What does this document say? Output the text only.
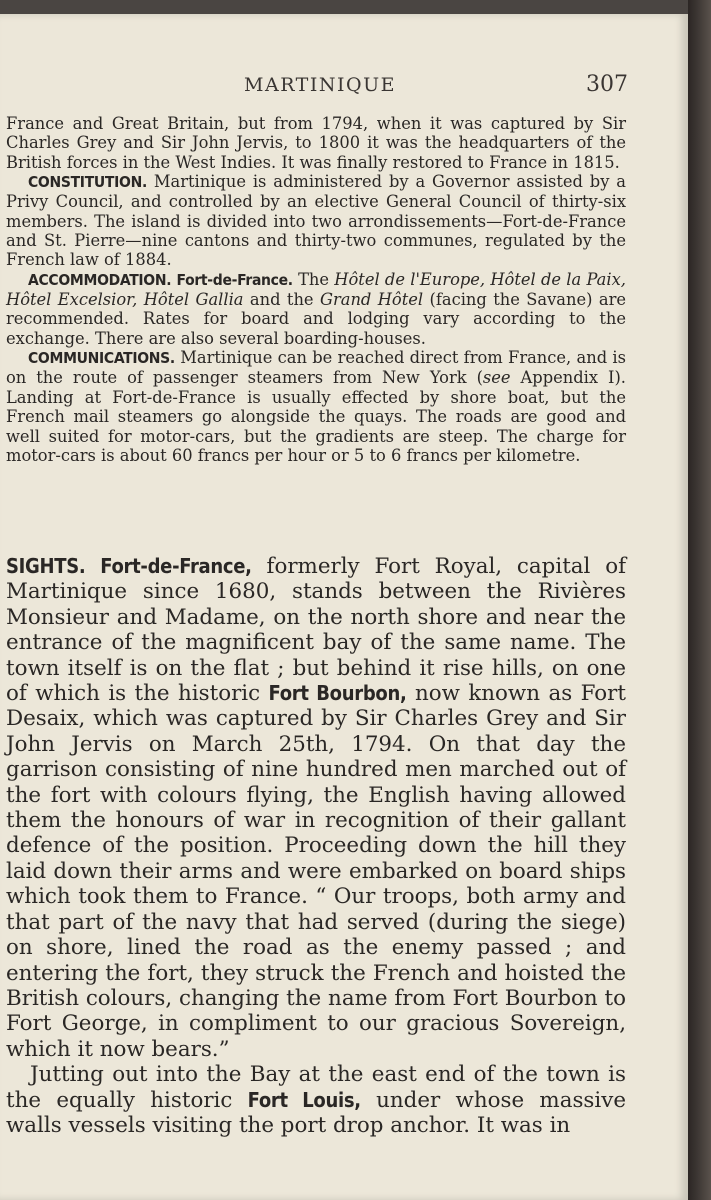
MARTINIQUE	307

France and Great Britain, but from 1794, when it was captured by Sir Charles Grey and Sir John Jervis, to 1800 it was the headquarters of the British forces in the West Indies. It was finally restored to France in 1815.

CONSTITUTION. Martinique is administered by a Governor assisted by a Privy Council, and controlled by an elective General Council of thirty-six members. The island is divided into two arrondissements—Fort-de-France and St. Pierre—nine cantons and thirty-two communes, regulated by the French law of 1884.

ACCOMMODATION. Fort-de-France. The Hôtel de l'Europe, Hôtel de la Paix, Hôtel Excelsior, Hôtel Gallia and the Grand Hôtel (facing the Savane) are recommended. Rates for board and lodging vary according to the exchange. There are also several boarding-houses.

COMMUNICATIONS. Martinique can be reached direct from France, and is on the route of passenger steamers from New York (see Appendix I). Landing at Fort-de-France is usually effected by shore boat, but the French mail steamers go alongside the quays. The roads are good and well suited for motor-cars, but the gradients are steep. The charge for motor-cars is about 60 francs per hour or 5 to 6 francs per kilometre.

SIGHTS. Fort-de-France, formerly Fort Royal, capital of Martinique since 1680, stands between the Rivières Monsieur and Madame, on the north shore and near the entrance of the magnificent bay of the same name. The town itself is on the flat ; but behind it rise hills, on one of which is the historic Fort Bourbon, now known as Fort Desaix, which was captured by Sir Charles Grey and Sir John Jervis on March 25th, 1794. On that day the garrison consisting of nine hundred men marched out of the fort with colours flying, the English having allowed them the honours of war in recognition of their gallant defence of the position. Proceeding down the hill they laid down their arms and were embarked on board ships which took them to France. “ Our troops, both army and that part of the navy that had served (during the siege) on shore, lined the road as the enemy passed ; and entering the fort, they struck the French and hoisted the British colours, changing the name from Fort Bourbon to Fort George, in compliment to our gracious Sovereign, which it now bears.”

Jutting out into the Bay at the east end of the town is the equally historic Fort Louis, under whose massive walls vessels visiting the port drop anchor. It was in
